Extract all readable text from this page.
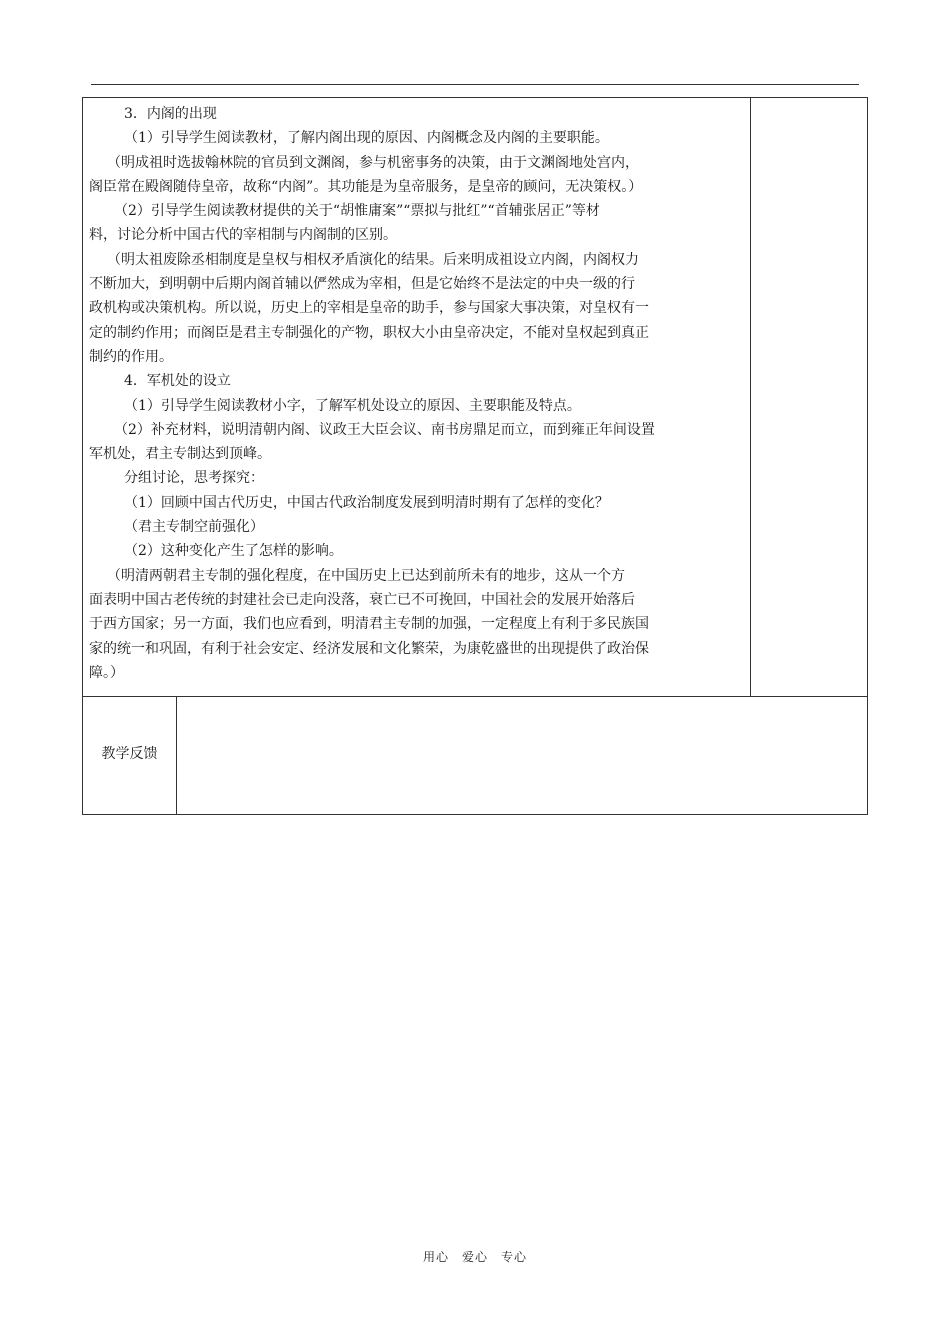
3．内阁的出现
（1）引导学生阅读教材，了解内阁出现的原因、内阁概念及内阁的主要职能。
（明成祖时选拔翰林院的官员到文渊阁，参与机密事务的决策，由于文渊阁地处宫内，
阁臣常在殿阁随侍皇帝，故称“内阁”。其功能是为皇帝服务，是皇帝的顾问，无决策权。）
（2）引导学生阅读教材提供的关于“胡惟庸案”“票拟与批红”“首辅张居正”等材
料，讨论分析中国古代的宰相制与内阁制的区别。
（明太祖废除丞相制度是皇权与相权矛盾演化的结果。后来明成祖设立内阁，内阁权力
不断加大，到明朝中后期内阁首辅以俨然成为宰相，但是它始终不是法定的中央一级的行
政机构或决策机构。所以说，历史上的宰相是皇帝的助手，参与国家大事决策，对皇权有一
定的制约作用；而阁臣是君主专制强化的产物，职权大小由皇帝决定，不能对皇权起到真正
制约的作用。
4．军机处的设立
（1）引导学生阅读教材小字，了解军机处设立的原因、主要职能及特点。
（2）补充材料，说明清朝内阁、议政王大臣会议、南书房鼎足而立，而到雍正年间设置
军机处，君主专制达到顶峰。
分组讨论，思考探究：
（1）回顾中国古代历史，中国古代政治制度发展到明清时期有了怎样的变化？
（君主专制空前强化）
（2）这种变化产生了怎样的影响。
（明清两朝君主专制的强化程度，在中国历史上已达到前所未有的地步，这从一个方
面表明中国古老传统的封建社会已走向没落，衰亡已不可挽回，中国社会的发展开始落后
于西方国家；另一方面，我们也应看到，明清君主专制的加强，一定程度上有利于多民族国
家的统一和巩固，有利于社会安定、经济发展和文化繁荣，为康乾盛世的出现提供了政治保
障。）
教学反馈
用心　爱心　专心
